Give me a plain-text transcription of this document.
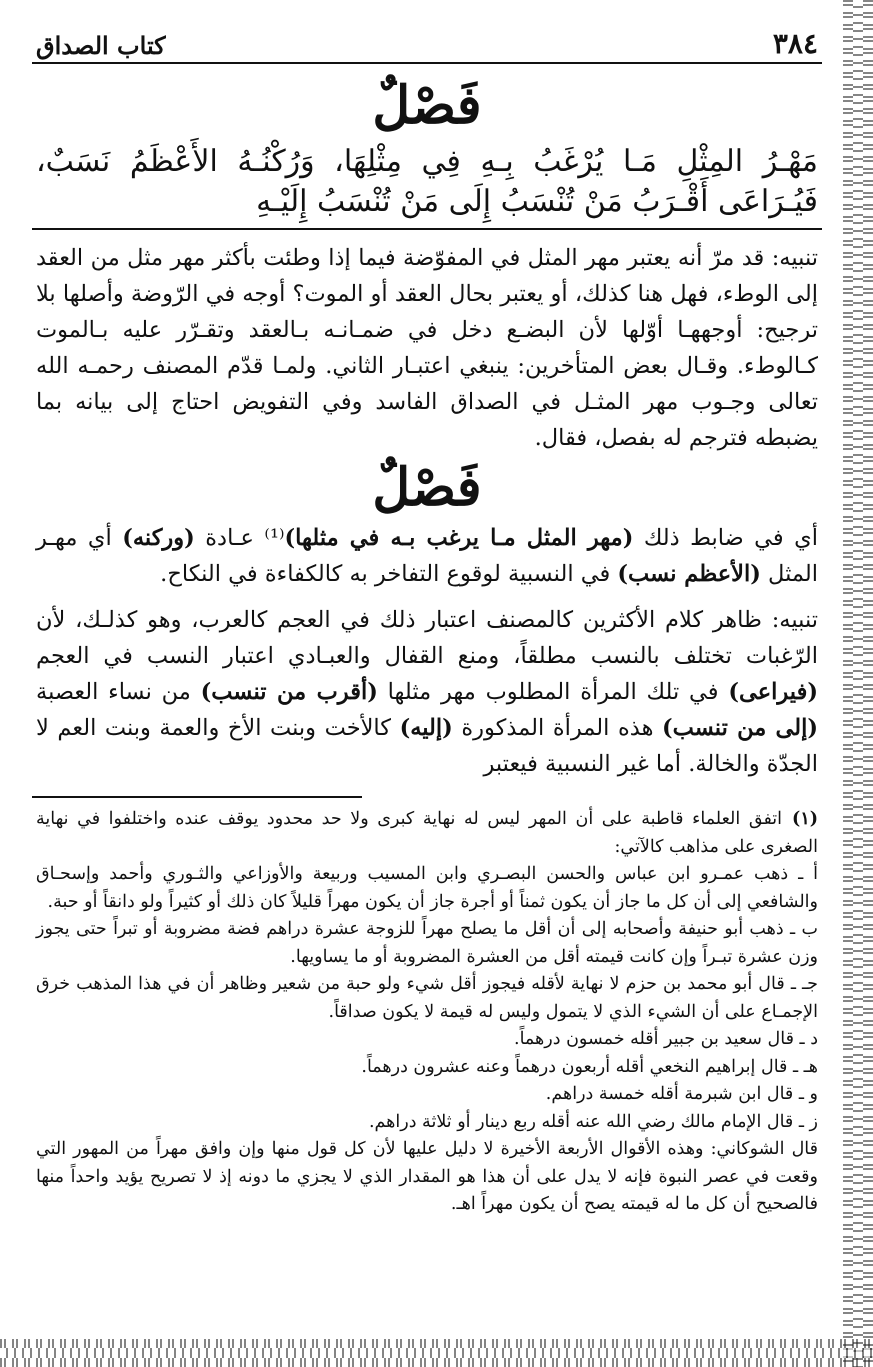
٣٨٤
كتاب الصداق
فَصْلٌ
مَهْـرُ المِثْلِ مَـا يُرْغَبُ بِـهِ فِي مِثْلِهَا، وَرُكْنُـهُ الأَعْظَمُ نَسَبٌ، فَيُـرَاعَى أَقْـرَبُ مَنْ تُنْسَبُ إِلَى مَنْ تُنْسَبُ إِلَيْـهِ

تنبيه: قد مرّ أنه يعتبر مهر المثل في المفوّضة فيما إذا وطئت بأكثر مهر مثل من العقد إلى الوطء، فهل هنا كذلك، أو يعتبر بحال العقد أو الموت؟ أوجه في الرّوضة وأصلها بلا ترجيح: أوجههـا أوّلها لأن البضـع دخل في ضمـانـه بـالعقد وتقـرّر عليه بـالموت كـالوطء. وقـال بعض المتأخرين: ينبغي اعتبـار الثاني. ولمـا قدّم المصنف رحمـه الله تعالى وجـوب مهر المثـل في الصداق الفاسد وفي التفويض احتاج إلى بيانه بما يضبطه فترجم له بفصل، فقال.

فَصْلٌ

أي في ضابط ذلك (مهر المثل مـا يرغب بـه في مثلها)⁽¹⁾ عـادة (وركنه) أي مهـر المثل (الأعظم نسب) في النسبية لوقوع التفاخر به كالكفاءة في النكاح.

تنبيه: ظاهر كلام الأكثرين كالمصنف اعتبار ذلك في العجم كالعرب، وهو كذلـك، لأن الرّغبات تختلف بالنسب مطلقاً، ومنع القفال والعبـادي اعتبار النسب في العجم (فيراعى) في تلك المرأة المطلوب مهر مثلها (أقرب من تنسب) من نساء العصبة (إلى من تنسب) هذه المرأة المذكورة (إليه) كالأخت وبنت الأخ والعمة وبنت العم لا الجدّة والخالة. أما غير النسبية فيعتبر

(١)اتفق العلماء قاطبة على أن المهر ليس له نهاية كبرى ولا حد محدود يوقف عنده واختلفوا في نهاية الصغرى على مذاهب كالآتي:

أ ـ ذهب عمـرو ابن عباس والحسن البصـري وابن المسيب وربيعة والأوزاعي والثـوري وأحمد وإسحـاق والشافعي إلى أن كل ما جاز أن يكون ثمناً أو أجرة جاز أن يكون مهراً قليلاً كان ذلك أو كثيراً ولو دانقاً أو حبة.

ب ـ ذهب أبو حنيفة وأصحابه إلى أن أقل ما يصلح مهراً للزوجة عشرة دراهم فضة مضروبة أو تبراً حتى يجوز وزن عشرة تبـراً وإن كانت قيمته أقل من العشرة المضروبة أو ما يساويها.

جـ ـ قال أبو محمد بن حزم لا نهاية لأقله فيجوز أقل شيء ولو حبة من شعير وظاهر أن في هذا المذهب خرق الإجمـاع على أن الشيء الذي لا يتمول وليس له قيمة لا يكون صداقاً.

د ـ قال سعيد بن جبير أقله خمسون درهماً.

هـ ـ قال إبراهيم النخعي أقله أربعون درهماً وعنه عشرون درهماً.

و ـ قال ابن شبرمة أقله خمسة دراهم.

ز ـ قال الإمام مالك رضي الله عنه أقله ربع دينار أو ثلاثة دراهم.

قال الشوكاني: وهذه الأقوال الأربعة الأخيرة لا دليل عليها لأن كل قول منها وإن وافق مهراً من المهور التي وقعت في عصر النبوة فإنه لا يدل على أن هذا هو المقدار الذي لا يجزي ما دونه إذ لا تصريح يؤيد واحداً منها فالصحيح أن كل ما له قيمته يصح أن يكون مهراً اهـ.
